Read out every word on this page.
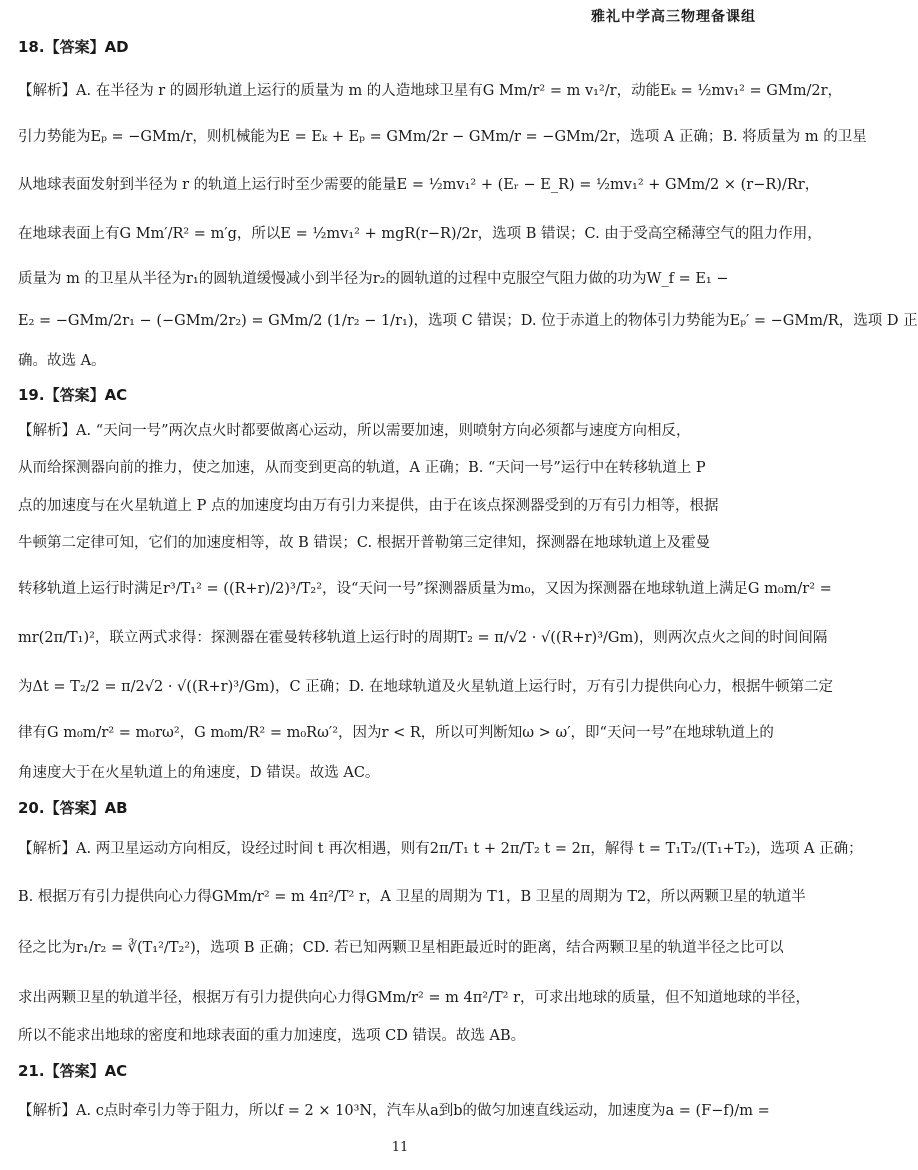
雅礼中学高三物理备课组
18.【答案】AD
【解析】A. 在半径为 r 的圆形轨道上运行的质量为 m 的人造地球卫星有G Mm/r² = m v₁²/r，动能Eₖ = ½mv₁² = GMm/2r，
引力势能为Eₚ = −GMm/r，则机械能为E = Eₖ + Eₚ = GMm/2r − GMm/r = −GMm/2r，选项 A 正确；B. 将质量为 m 的卫星
从地球表面发射到半径为 r 的轨道上运行时至少需要的能量E = ½mv₁² + (Eᵣ − E_R) = ½mv₁² + GMm/2 × (r−R)/Rr，
在地球表面上有G Mm′/R² = m′g，所以E = ½mv₁² + mgR(r−R)/2r，选项 B 错误；C. 由于受高空稀薄空气的阻力作用，
质量为 m 的卫星从半径为r₁的圆轨道缓慢减小到半径为r₂的圆轨道的过程中克服空气阻力做的功为W_f = E₁ −
E₂ = −GMm/2r₁ − (−GMm/2r₂) = GMm/2 (1/r₂ − 1/r₁)，选项 C 错误；D. 位于赤道上的物体引力势能为Eₚ′ = −GMm/R，选项 D 正
确。故选 A。
19.【答案】AC
【解析】A. “天问一号”两次点火时都要做离心运动，所以需要加速，则喷射方向必须都与速度方向相反，
从而给探测器向前的推力，使之加速，从而变到更高的轨道，A 正确；B. “天问一号”运行中在转移轨道上 P
点的加速度与在火星轨道上 P 点的加速度均由万有引力来提供，由于在该点探测器受到的万有引力相等，根据
牛顿第二定律可知，它们的加速度相等，故 B 错误；C. 根据开普勒第三定律知，探测器在地球轨道上及霍曼
转移轨道上运行时满足r³/T₁² = ((R+r)/2)³/T₂²，设“天问一号”探测器质量为m₀，又因为探测器在地球轨道上满足G m₀m/r² =
mr(2π/T₁)²，联立两式求得：探测器在霍曼转移轨道上运行时的周期T₂ = π/√2 · √((R+r)³/Gm)，则两次点火之间的时间间隔
为Δt = T₂/2 = π/2√2 · √((R+r)³/Gm)，C 正确；D. 在地球轨道及火星轨道上运行时，万有引力提供向心力，根据牛顿第二定
律有G m₀m/r² = m₀rω²，G m₀m/R² = m₀Rω′²，因为r < R，所以可判断知ω > ω′，即“天问一号”在地球轨道上的
角速度大于在火星轨道上的角速度，D 错误。故选 AC。
20.【答案】AB
【解析】A. 两卫星运动方向相反，设经过时间 t 再次相遇，则有2π/T₁ t + 2π/T₂ t = 2π，解得 t = T₁T₂/(T₁+T₂)，选项 A 正确；
B. 根据万有引力提供向心力得GMm/r² = m 4π²/T² r，A 卫星的周期为 T1，B 卫星的周期为 T2，所以两颗卫星的轨道半
径之比为r₁/r₂ = ∛(T₁²/T₂²)，选项 B 正确；CD. 若已知两颗卫星相距最近时的距离，结合两颗卫星的轨道半径之比可以
求出两颗卫星的轨道半径，根据万有引力提供向心力得GMm/r² = m 4π²/T² r，可求出地球的质量，但不知道地球的半径，
所以不能求出地球的密度和地球表面的重力加速度，选项 CD 错误。故选 AB。
21.【答案】AC
【解析】A. c点时牵引力等于阻力，所以f = 2 × 10³N，汽车从a到b的做匀加速直线运动，加速度为a = (F−f)/m =
11
